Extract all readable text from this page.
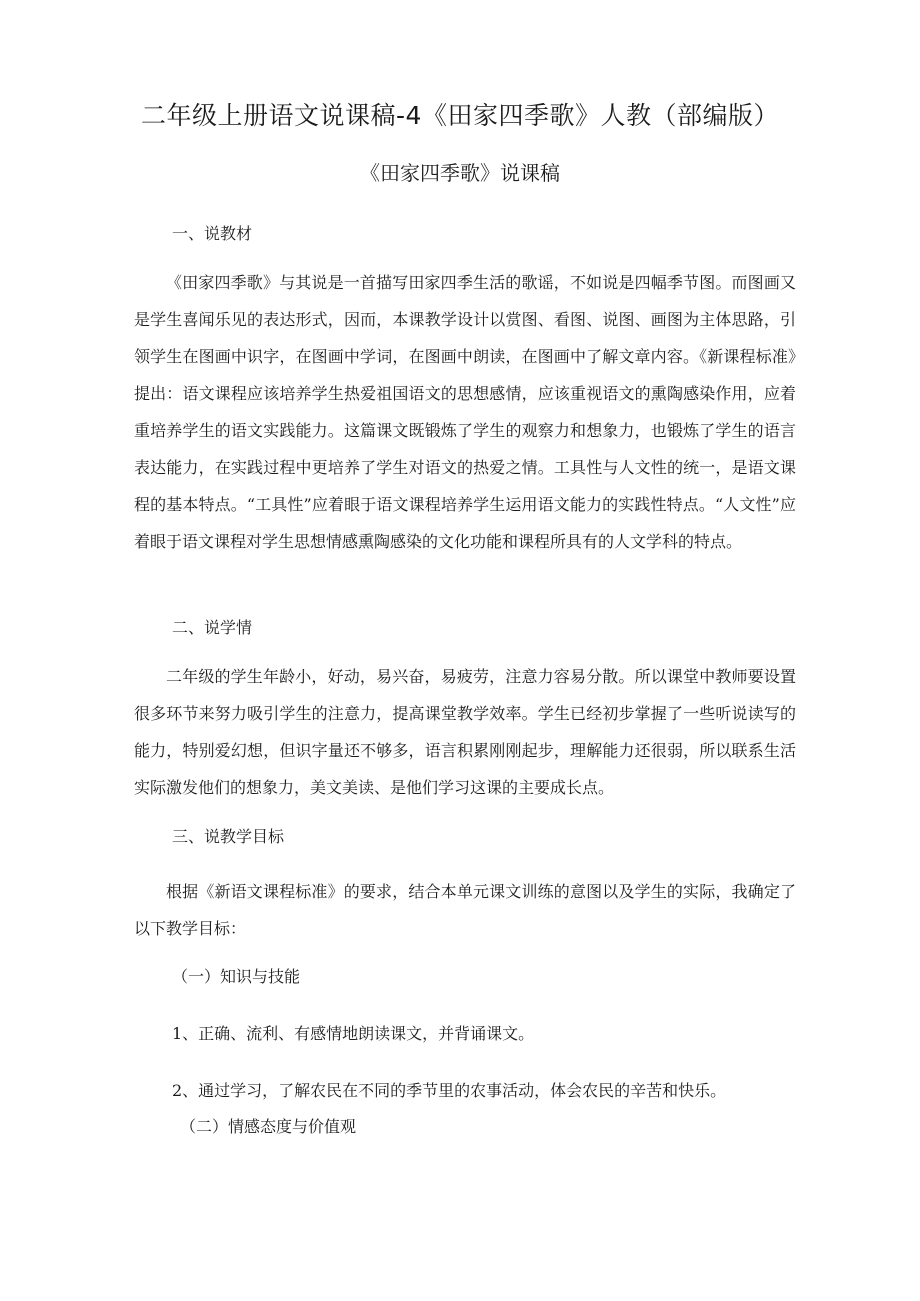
二年级上册语文说课稿-4《田家四季歌》人教（部编版）
《田家四季歌》说课稿
一、说教材
《田家四季歌》与其说是一首描写田家四季生活的歌谣，不如说是四幅季节图。而图画又是学生喜闻乐见的表达形式，因而，本课教学设计以赏图、看图、说图、画图为主体思路，引领学生在图画中识字，在图画中学词，在图画中朗读，在图画中了解文章内容。《新课程标准》提出：语文课程应该培养学生热爱祖国语文的思想感情，应该重视语文的熏陶感染作用，应着重培养学生的语文实践能力。这篇课文既锻炼了学生的观察力和想象力，也锻炼了学生的语言表达能力，在实践过程中更培养了学生对语文的热爱之情。工具性与人文性的统一，是语文课程的基本特点。“工具性”应着眼于语文课程培养学生运用语文能力的实践性特点。“人文性”应着眼于语文课程对学生思想情感熏陶感染的文化功能和课程所具有的人文学科的特点。
二、说学情
二年级的学生年龄小，好动，易兴奋，易疲劳，注意力容易分散。所以课堂中教师要设置很多环节来努力吸引学生的注意力，提高课堂教学效率。学生已经初步掌握了一些听说读写的能力，特别爱幻想，但识字量还不够多，语言积累刚刚起步，理解能力还很弱，所以联系生活实际激发他们的想象力，美文美读、是他们学习这课的主要成长点。
三、说教学目标
根据《新语文课程标准》的要求，结合本单元课文训练的意图以及学生的实际，我确定了以下教学目标：
（一）知识与技能
1、正确、流利、有感情地朗读课文，并背诵课文。
2、通过学习，了解农民在不同的季节里的农事活动，体会农民的辛苦和快乐。
（二）情感态度与价值观
